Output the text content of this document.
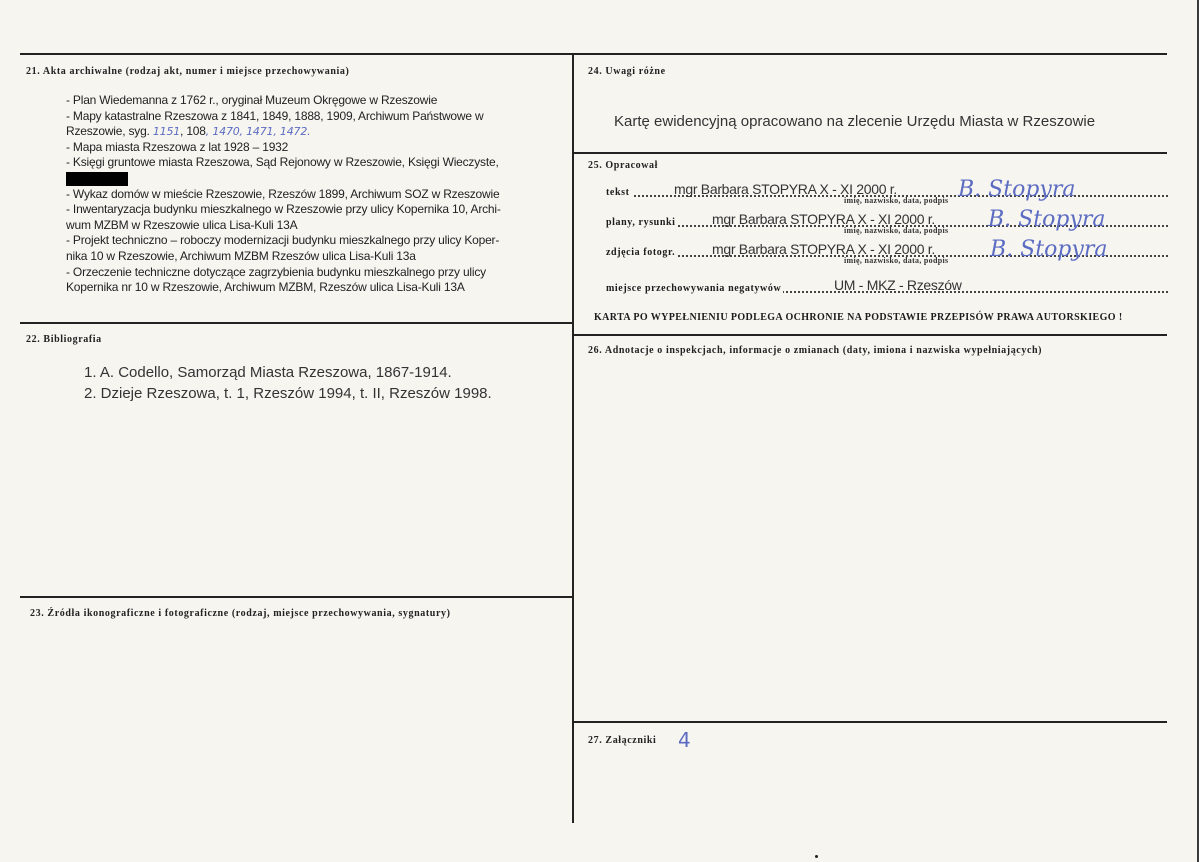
21. Akta archiwalne (rodzaj akt, numer i miejsce przechowywania)
- Plan Wiedemanna z 1762 r., oryginał Muzeum Okręgowe w Rzeszowie
- Mapy katastralne Rzeszowa z 1841, 1849, 1888, 1909, Archiwum Państwowe w
Rzeszowie, syg. 1151, 108, 1470, 1471, 1472.
- Mapa miasta Rzeszowa z lat 1928 – 1932
- Księgi gruntowe miasta Rzeszowa, Sąd Rejonowy w Rzeszowie, Księgi Wieczyste,
- Wykaz domów w mieście Rzeszowie, Rzeszów 1899, Archiwum SOZ w Rzeszowie
- Inwentaryzacja budynku mieszkalnego w Rzeszowie przy ulicy Kopernika 10, Archi-
wum MZBM w Rzeszowie ulica Lisa-Kuli 13A
- Projekt techniczno – roboczy modernizacji budynku mieszkalnego przy ulicy Koper-
nika 10 w Rzeszowie, Archiwum MZBM Rzeszów ulica Lisa-Kuli 13a
- Orzeczenie techniczne dotyczące zagrzybienia budynku mieszkalnego przy ulicy
Kopernika nr 10 w Rzeszowie, Archiwum MZBM, Rzeszów ulica Lisa-Kuli 13A
22. Bibliografia
1. A. Codello, Samorząd Miasta Rzeszowa, 1867-1914.
2. Dzieje Rzeszowa, t. 1, Rzeszów 1994, t. II, Rzeszów 1998.
23. Źródła ikonograficzne i fotograficzne (rodzaj, miejsce przechowywania, sygnatury)
24. Uwagi różne
Kartę ewidencyjną opracowano na zlecenie Urzędu Miasta w Rzeszowie
25. Opracował
tekst	mgr Barbara STOPYRA X - XI 2000 r.	B. Stopyra
imię, nazwisko, data, podpis
plany, rysunki	mgr Barbara STOPYRA X - XI 2000 r. B. Stopyra
imię, nazwisko, data, podpis
zdjęcia fotogr.	mgr Barbara STOPYRA X - XI 2000 r.	B. Stopyra
imię, nazwisko, data, podpis
miejsce przechowywania negatywów	UM - MKZ - Rzeszów
KARTA PO WYPEŁNIENIU PODLEGA OCHRONIE NA PODSTAWIE PRZEPISÓW PRAWA AUTORSKIEGO !
26. Adnotacje o inspekcjach, informacje o zmianach (daty, imiona i nazwiska wypełniających)
27. Załączniki 4
